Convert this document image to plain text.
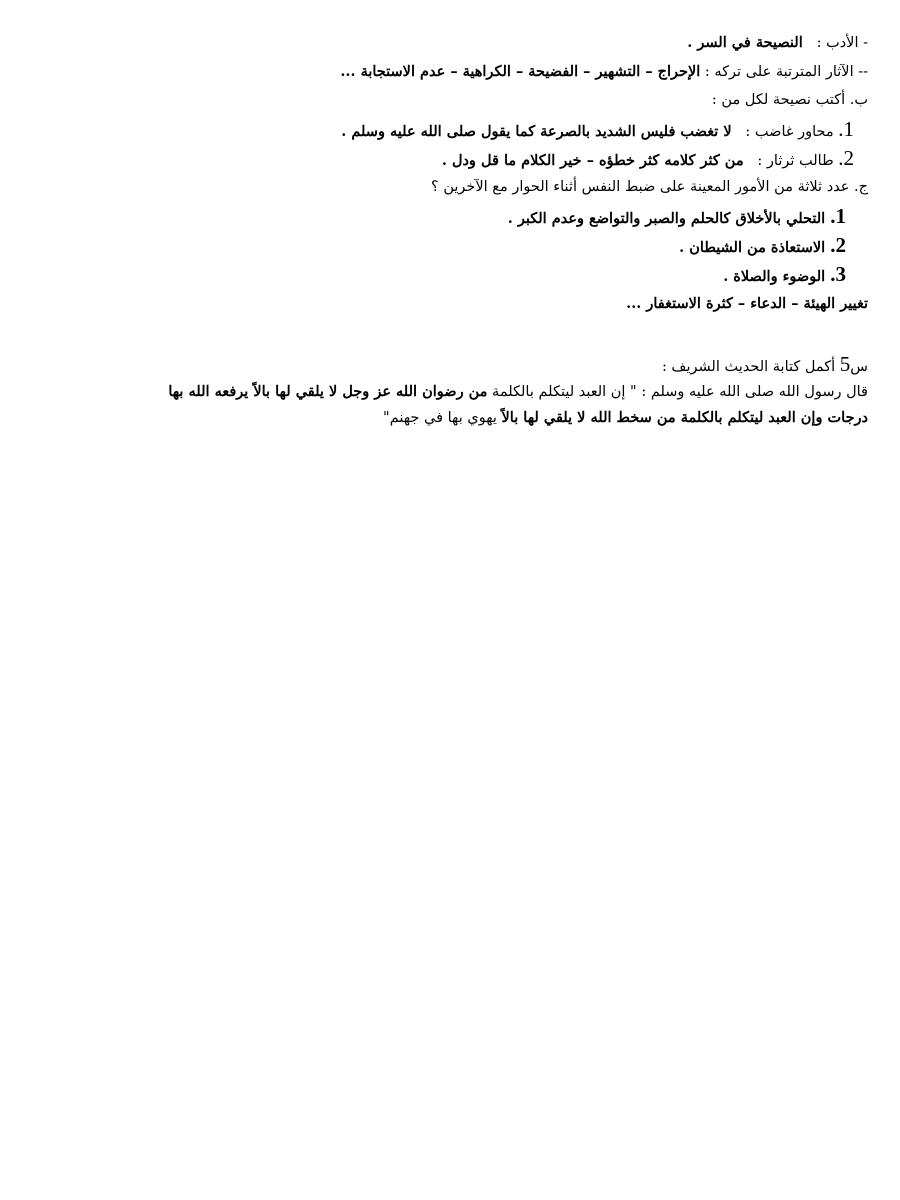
- الأدب :   النصيحة في السر .
-- الآثار المترتبة على تركه : الإحراج – التشهير – الفضيحة – الكراهية – عدم الاستجابة ...
ب. أكتب نصيحة لكل من :
1. محاور غاضب :   لا تغضب فليس الشديد بالصرعة كما يقول صلى الله عليه وسلم .
2. طالب ثرثار :   من كثر كلامه كثر خطؤه – خير الكلام ما قل ودل .
ج. عدد ثلاثة من الأمور المعينة على ضبط النفس أثناء الحوار مع الآخرين ؟
1. التحلي بالأخلاق كالحلم والصبر والتواضع وعدم الكبر .
2. الاستعاذة من الشيطان .
3. الوضوء والصلاة .
تغيير الهيئة – الدعاء – كثرة الاستغفار ...
س5 أكمل كتابة الحديث الشريف :
قال رسول الله صلى الله عليه وسلم : " إن العبد ليتكلم بالكلمة من رضوان الله عز وجل لا يلقي لها بالاً يرفعه الله بها
درجات وإن العبد ليتكلم بالكلمة من سخط الله لا يلقي لها بالاً يهوي بها في جهنم"
